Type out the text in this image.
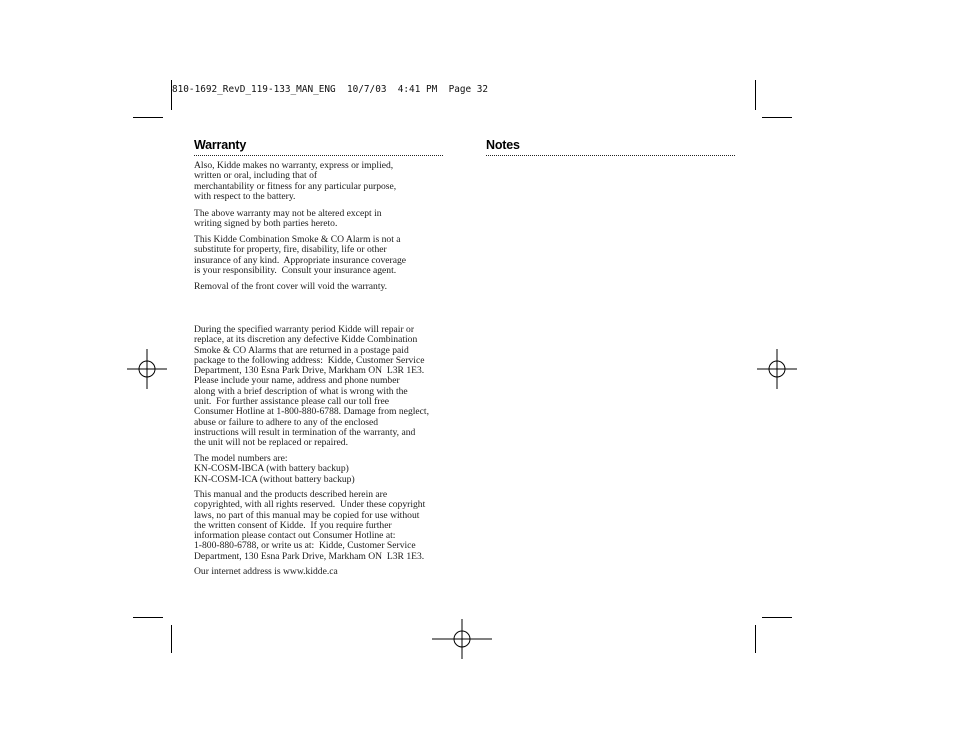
810-1692_RevD_119-133_MAN_ENG  10/7/03  4:41 PM  Page 32
Warranty
Also, Kidde makes no warranty, express or implied,
written or oral, including that of
merchantability or fitness for any particular purpose,
with respect to the battery.
The above warranty may not be altered except in
writing signed by both parties hereto.
This Kidde Combination Smoke & CO Alarm is not a
substitute for property, fire, disability, life or other
insurance of any kind.  Appropriate insurance coverage
is your responsibility.  Consult your insurance agent.
Removal of the front cover will void the warranty.
During the specified warranty period Kidde will repair or
replace, at its discretion any defective Kidde Combination
Smoke & CO Alarms that are returned in a postage paid
package to the following address:  Kidde, Customer Service
Department, 130 Esna Park Drive, Markham ON  L3R 1E3.
Please include your name, address and phone number
along with a brief description of what is wrong with the
unit.  For further assistance please call our toll free
Consumer Hotline at 1-800-880-6788. Damage from neglect,
abuse or failure to adhere to any of the enclosed
instructions will result in termination of the warranty, and
the unit will not be replaced or repaired.
The model numbers are:
KN-COSM-IBCA (with battery backup)
KN-COSM-ICA (without battery backup)
This manual and the products described herein are
copyrighted, with all rights reserved.  Under these copyright
laws, no part of this manual may be copied for use without
the written consent of Kidde.  If you require further
information please contact out Consumer Hotline at:
1-800-880-6788, or write us at:  Kidde, Customer Service
Department, 130 Esna Park Drive, Markham ON  L3R 1E3.
Our internet address is www.kidde.ca
Notes
